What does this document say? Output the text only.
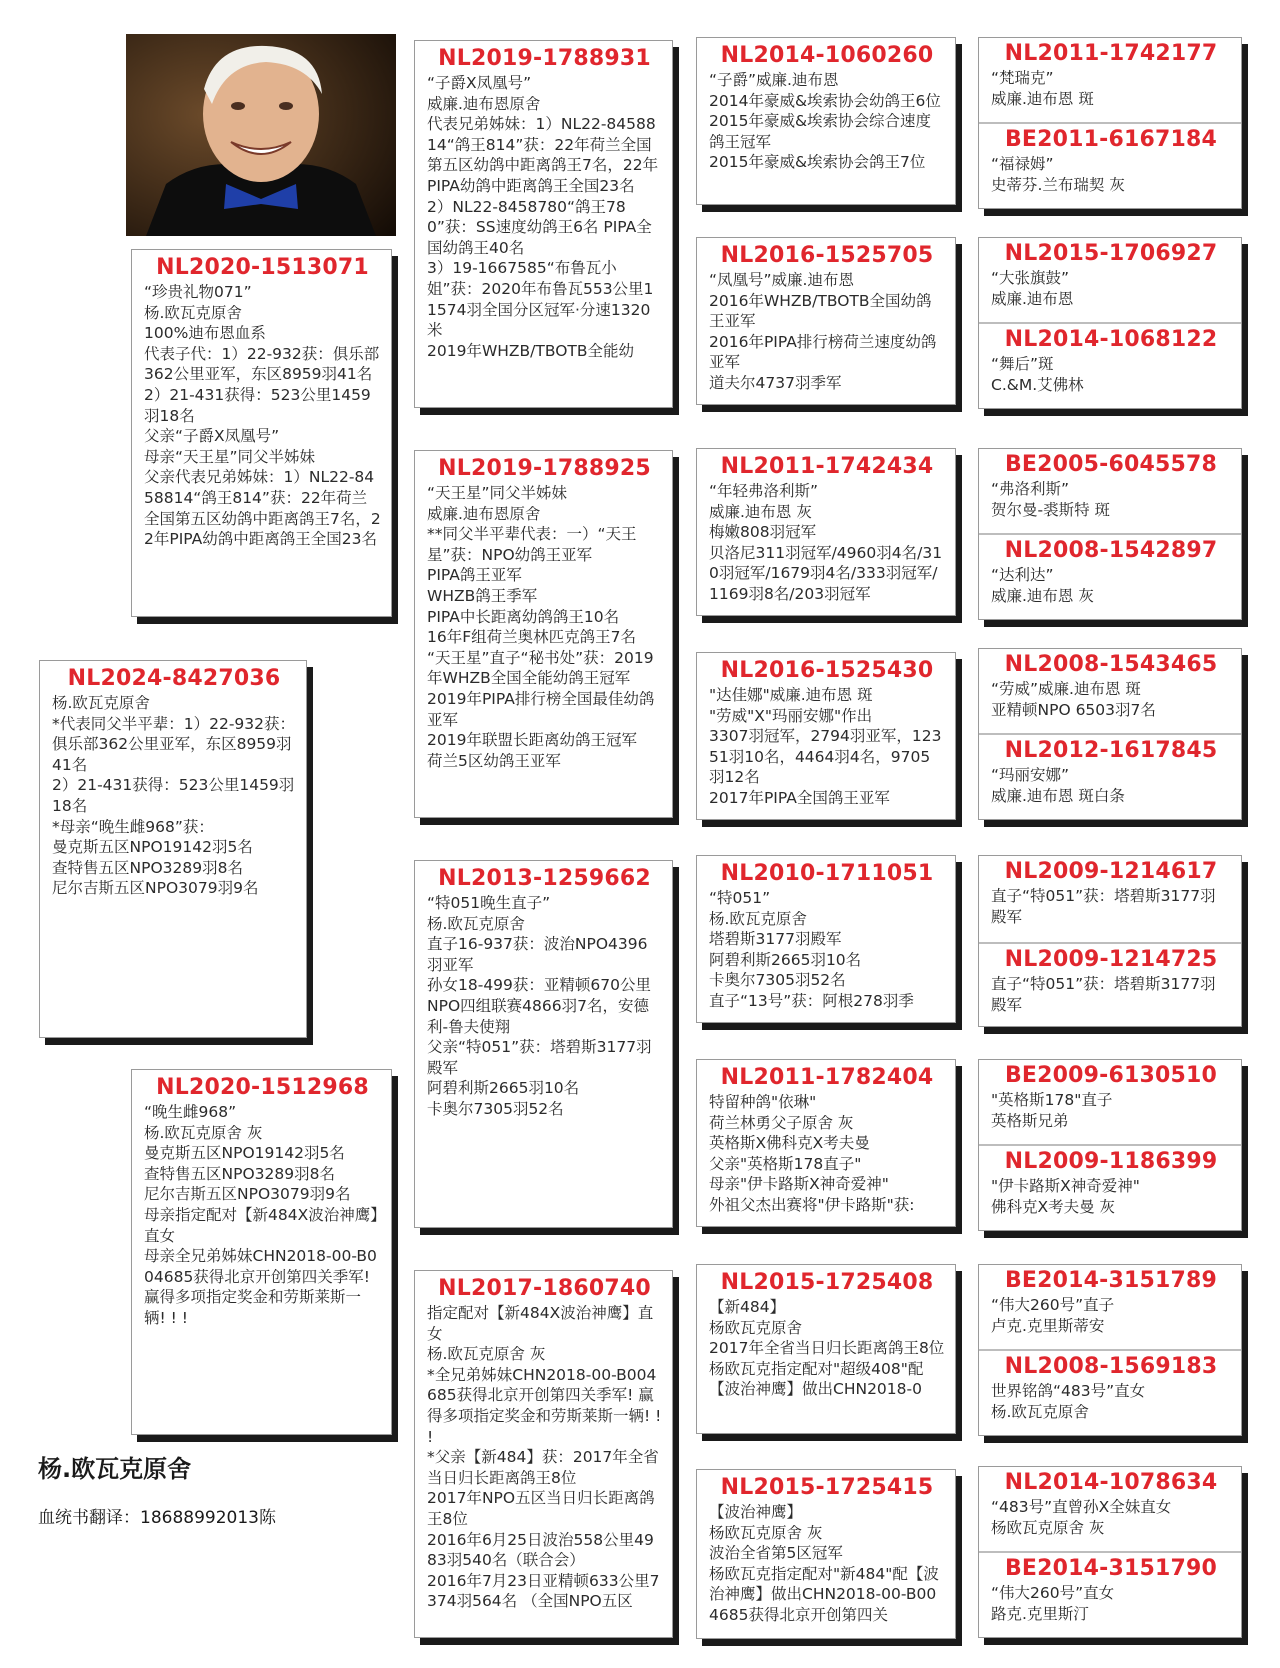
NL2024-8427036
杨.欧瓦克原舍
*代表同父半平辈：1）22-932获：俱乐部362公里亚军，东区8959羽41名
2）21-431获得：523公里1459羽18名
*母亲“晚生雌968”获：
曼克斯五区NPO19142羽5名
查特售五区NPO3289羽8名
尼尔吉斯五区NPO3079羽9名
NL2020-1513071
“珍贵礼物071”
杨.欧瓦克原舍
100%迪布恩血系
代表子代：1）22-932获：俱乐部362公里亚军，东区8959羽41名
2）21-431获得：523公里1459羽18名
父亲“子爵X凤凰号”
母亲“天王星”同父半姊妹
父亲代表兄弟姊妹：1）NL22-8458814“鸽王814”获：22年荷兰全国第五区幼鸽中距离鸽王7名，22年PIPA幼鸽中距离鸽王全国23名
NL2020-1512968
“晚生雌968”
杨.欧瓦克原舍 灰
曼克斯五区NPO19142羽5名
查特售五区NPO3289羽8名
尼尔吉斯五区NPO3079羽9名
母亲指定配对【新484X波治神鹰】直女
母亲全兄弟姊妹CHN2018-00-B004685获得北京开创第四关季军! 赢得多项指定奖金和劳斯莱斯一辆! ! !
NL2019-1788931
“子爵X凤凰号”
威廉.迪布恩原舍
代表兄弟姊妹：1）NL22-8458814“鸽王814”获：22年荷兰全国第五区幼鸽中距离鸽王7名，22年PIPA幼鸽中距离鸽王全国23名
2）NL22-8458780“鸽王780”获：SS速度幼鸽王6名 PIPA全国幼鸽王40名
3）19-1667585“布鲁瓦小姐”获：2020年布鲁瓦553公里11574羽全国分区冠军·分速1320米
2019年WHZB/TBOTB全能幼
NL2019-1788925
“天王星”同父半姊妹
威廉.迪布恩原舍
**同父半平辈代表：一）“天王星”获：NPO幼鸽王亚军
PIPA鸽王亚军
WHZB鸽王季军
PIPA中长距离幼鸽鸽王10名
16年F组荷兰奥林匹克鸽王7名
“天王星”直子“秘书处”获：2019年WHZB全国全能幼鸽王冠军
2019年PIPA排行榜全国最佳幼鸽亚军
2019年联盟长距离幼鸽王冠军
荷兰5区幼鸽王亚军
NL2013-1259662
“特051晚生直子”
杨.欧瓦克原舍
直子16-937获：波治NPO4396羽亚军
孙女18-499获：亚精顿670公里NPO四组联赛4866羽7名，安德利-鲁夫使翔
父亲“特051”获：塔碧斯3177羽殿军
阿碧利斯2665羽10名
卡奥尔7305羽52名
NL2017-1860740
指定配对【新484X波治神鹰】直女
杨.欧瓦克原舍 灰
*全兄弟姊妹CHN2018-00-B004685获得北京开创第四关季军! 赢得多项指定奖金和劳斯莱斯一辆! ! !
*父亲【新484】获：2017年全省当日归长距离鸽王8位
2017年NPO五区当日归长距离鸽王8位
2016年6月25日波治558公里4983羽540名（联合会）
2016年7月23日亚精顿633公里7374羽564名 （全国NPO五区
NL2014-1060260
“子爵”威廉.迪布恩
2014年豪威&埃索协会幼鸽王6位
2015年豪威&埃索协会综合速度鸽王冠军
2015年豪威&埃索协会鸽王7位
NL2016-1525705
“凤凰号”威廉.迪布恩
2016年WHZB/TBOTB全国幼鸽王亚军
2016年PIPA排行榜荷兰速度幼鸽亚军
道夫尔4737羽季军
NL2011-1742434
“年轻弗洛利斯”
威廉.迪布恩 灰
梅嫩808羽冠军
贝洛尼311羽冠军/4960羽4名/310羽冠军/1679羽4名/333羽冠军/1169羽8名/203羽冠军
NL2016-1525430
"达佳娜"威廉.迪布恩 斑
"劳威"X"玛丽安娜"作出
3307羽冠军，2794羽亚军，12351羽10名，4464羽4名，9705羽12名
2017年PIPA全国鸽王亚军
NL2010-1711051
“特051”
杨.欧瓦克原舍
塔碧斯3177羽殿军
阿碧利斯2665羽10名
卡奥尔7305羽52名
直子“13号”获：阿根278羽季
NL2011-1782404
特留种鸽"依琳"
荷兰林勇父子原舍 灰
英格斯X佛科克X考夫曼
父亲"英格斯178直子"
母亲"伊卡路斯X神奇爱神"
外祖父杰出赛将"伊卡路斯"获:
NL2015-1725408
【新484】
杨欧瓦克原舍
2017年全省当日归长距离鸽王8位
杨欧瓦克指定配对"超级408"配【波治神鹰】做出CHN2018-0
NL2015-1725415
【波治神鹰】
杨欧瓦克原舍 灰
波治全省第5区冠军
杨欧瓦克指定配对"新484"配【波治神鹰】做出CHN2018-00-B004685获得北京开创第四关
NL2011-1742177
“梵瑞克”
威廉.迪布恩 斑
BE2011-6167184
“福禄姆”
史蒂芬.兰布瑞契 灰
NL2015-1706927
“大张旗鼓”
威廉.迪布恩
NL2014-1068122
“舞后”斑
C.&M.艾佛林
BE2005-6045578
“弗洛利斯”
贺尔曼-裘斯特 斑
NL2008-1542897
“达利达”
威廉.迪布恩 灰
NL2008-1543465
“劳威”威廉.迪布恩 斑
亚精顿NPO 6503羽7名
NL2012-1617845
“玛丽安娜”
威廉.迪布恩 斑白条
NL2009-1214617
直子“特051”获：塔碧斯3177羽殿军
NL2009-1214725
直子“特051”获：塔碧斯3177羽殿军
BE2009-6130510
"英格斯178"直子
英格斯兄弟
NL2009-1186399
"伊卡路斯X神奇爱神"
佛科克X考夫曼 灰
BE2014-3151789
“伟大260号”直子
卢克.克里斯蒂安
NL2008-1569183
世界铭鸽“483号”直女
杨.欧瓦克原舍
NL2014-1078634
“483号”直曾孙X全妹直女
杨欧瓦克原舍 灰
BE2014-3151790
“伟大260号”直女
路克.克里斯汀
杨.欧瓦克原舍
血统书翻译：18688992013陈
